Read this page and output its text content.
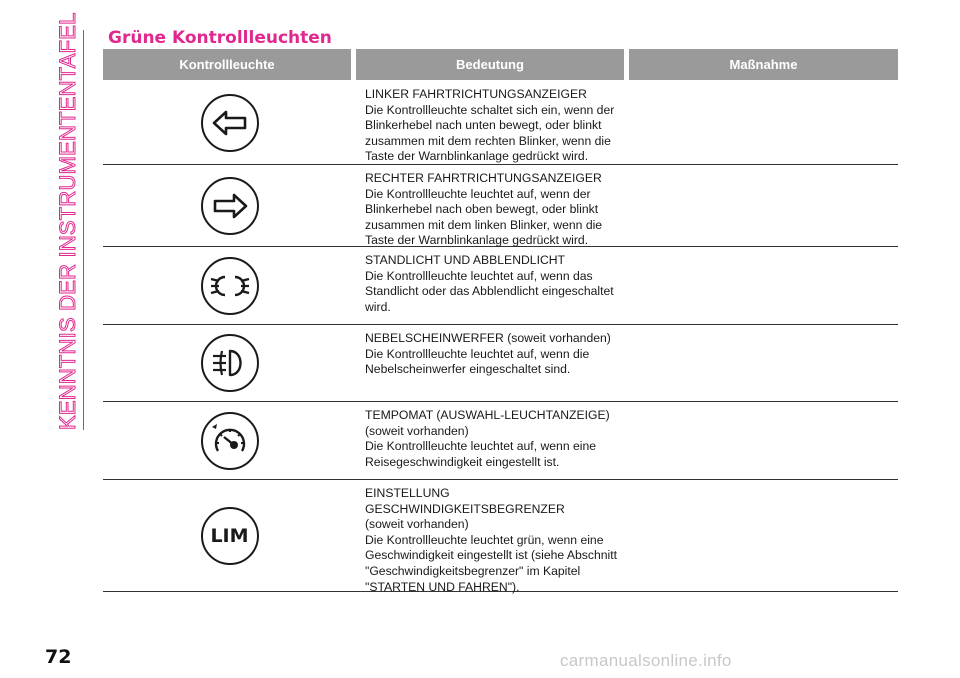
KENNTNIS DER INSTRUMENTENTAFEL Grüne Kontrollleuchten
Kontrollleuchte	Bedeutung	Maßnahme
LINKER FAHRTRICHTUNGSANZEIGER
Die Kontrollleuchte schaltet sich ein, wenn der
Blinkerhebel nach unten bewegt, oder blinkt
zusammen mit dem rechten Blinker, wenn die
Taste der Warnblinkanlage gedrückt wird.
RECHTER FAHRTRICHTUNGSANZEIGER
Die Kontrollleuchte leuchtet auf, wenn der
Blinkerhebel nach oben bewegt, oder blinkt
zusammen mit dem linken Blinker, wenn die
Taste der Warnblinkanlage gedrückt wird.
STANDLICHT UND ABBLENDLICHT
Die Kontrollleuchte leuchtet auf, wenn das
Standlicht oder das Abblendlicht eingeschaltet
wird.
NEBELSCHEINWERFER (soweit vorhanden)
Die Kontrollleuchte leuchtet auf, wenn die
Nebelscheinwerfer eingeschaltet sind.
TEMPOMAT (AUSWAHL-LEUCHTANZEIGE)
(soweit vorhanden)
Die Kontrollleuchte leuchtet auf, wenn eine
Reisegeschwindigkeit eingestellt ist.
LIM
EINSTELLUNG
GESCHWINDIGKEITSBEGRENZER
(soweit vorhanden)
Die Kontrollleuchte leuchtet grün, wenn eine
Geschwindigkeit eingestellt ist (siehe Abschnitt
"Geschwindigkeitsbegrenzer" im Kapitel
"STARTEN UND FAHREN").
72	carmanualsonline.info
